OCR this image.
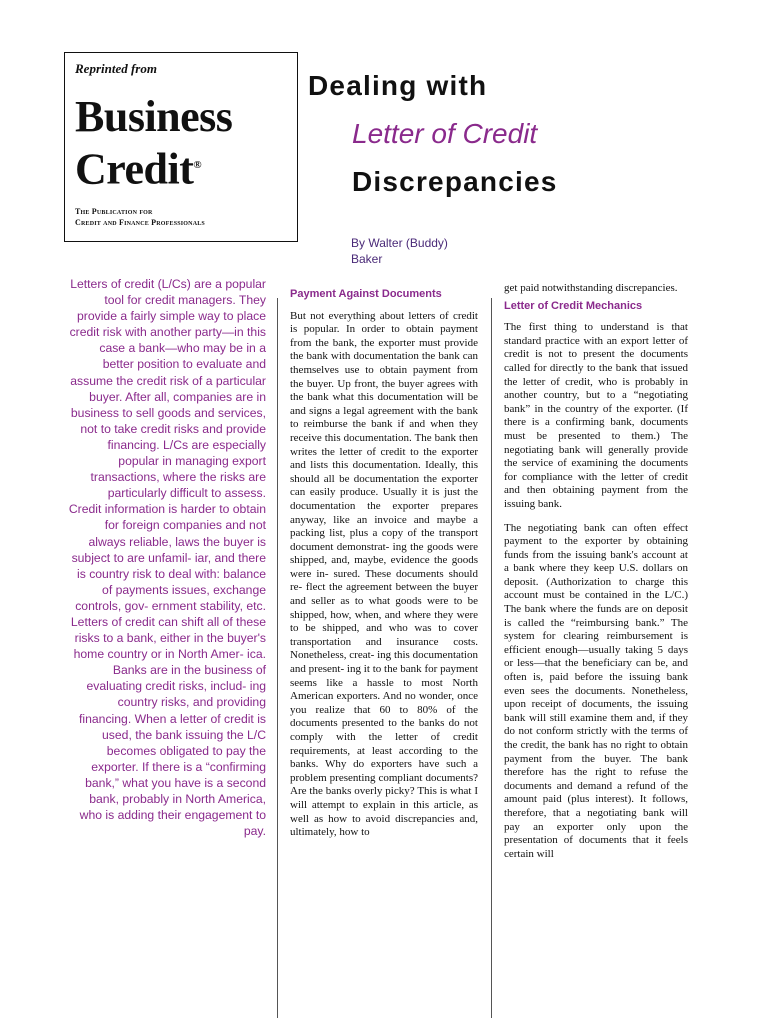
Reprinted from
Business
Credit®
The Publication for
Credit and Finance Professionals
Dealing with
Letter of Credit
Discrepancies
By Walter (Buddy) Baker

Letters of credit (L/Cs) are a popular tool for credit managers. They provide a fairly simple way to place credit risk with another party—in this case a bank—who may be in a better position to evaluate and assume the credit risk of a particular buyer. After all, companies are in business to sell goods and services, not to take credit risks and provide financing. L/Cs are especially popular in managing export transactions, where the risks are particularly difficult to assess.

Credit information is harder to obtain for foreign companies and not always reliable, laws the buyer is subject to are unfamil- iar, and there is country risk to deal with: balance of payments issues, exchange controls, gov- ernment stability, etc. Letters of credit can shift all of these risks to a bank, either in the buyer's home country or in North Amer- ica. Banks are in the business of evaluating credit risks, includ- ing country risks, and providing financing. When a letter of credit is used, the bank issuing the L/C becomes obligated to pay the exporter. If there is a “confirming bank,” what you have is a second bank, probably in North America, who is adding their engagement to pay.

Payment Against Documents

But not everything about letters of credit is popular. In order to obtain payment from the bank, the exporter must provide the bank with documentation the bank can themselves use to obtain payment from the buyer. Up front, the buyer agrees with the bank what this documentation will be and signs a legal agreement with the bank to reimburse the bank if and when they receive this documentation. The bank then writes the letter of credit to the exporter and lists this documentation. Ideally, this should all be documentation the exporter can easily produce. Usually it is just the documentation the exporter prepares anyway, like an invoice and maybe a packing list, plus a copy of the transport document demonstrat- ing the goods were shipped, and, maybe, evidence the goods were in- sured. These documents should re- flect the agreement between the buyer and seller as to what goods were to be shipped, how, when, and where they were to be shipped, and who was to cover transportation and insurance costs. Nonetheless, creat- ing this documentation and present- ing it to the bank for payment seems like a hassle to most North American exporters. And no wonder, once you realize that 60 to 80% of the documents presented to the banks do not comply with the letter of credit requirements, at least according to the banks. Why do exporters have such a problem presenting compliant documents? Are the banks overly picky? This is what I will attempt to explain in this article, as well as how to avoid discrepancies and, ultimately, how to

get paid notwithstanding discrepancies.

Letter of Credit Mechanics

The first thing to understand is that standard practice with an export letter of credit is not to present the documents called for directly to the bank that issued the letter of credit, who is probably in another country, but to a “negotiating bank” in the country of the exporter. (If there is a confirming bank, documents must be presented to them.) The negotiating bank will generally provide the service of examining the documents for compliance with the letter of credit and then obtaining payment from the issuing bank.

The negotiating bank can often effect payment to the exporter by obtaining funds from the issuing bank's account at a bank where they keep U.S. dollars on deposit. (Authorization to charge this account must be contained in the L/C.) The bank where the funds are on deposit is called the “reimbursing bank.” The system for clearing reimbursement is efficient enough—usually taking 5 days or less—that the beneficiary can be, and often is, paid before the issuing bank even sees the documents. Nonetheless, upon receipt of documents, the issuing bank will still examine them and, if they do not conform strictly with the terms of the credit, the bank has no right to obtain payment from the buyer. The bank therefore has the right to refuse the documents and demand a refund of the amount paid (plus interest). It follows, therefore, that a negotiating bank will pay an exporter only upon the presentation of documents that it feels certain will
